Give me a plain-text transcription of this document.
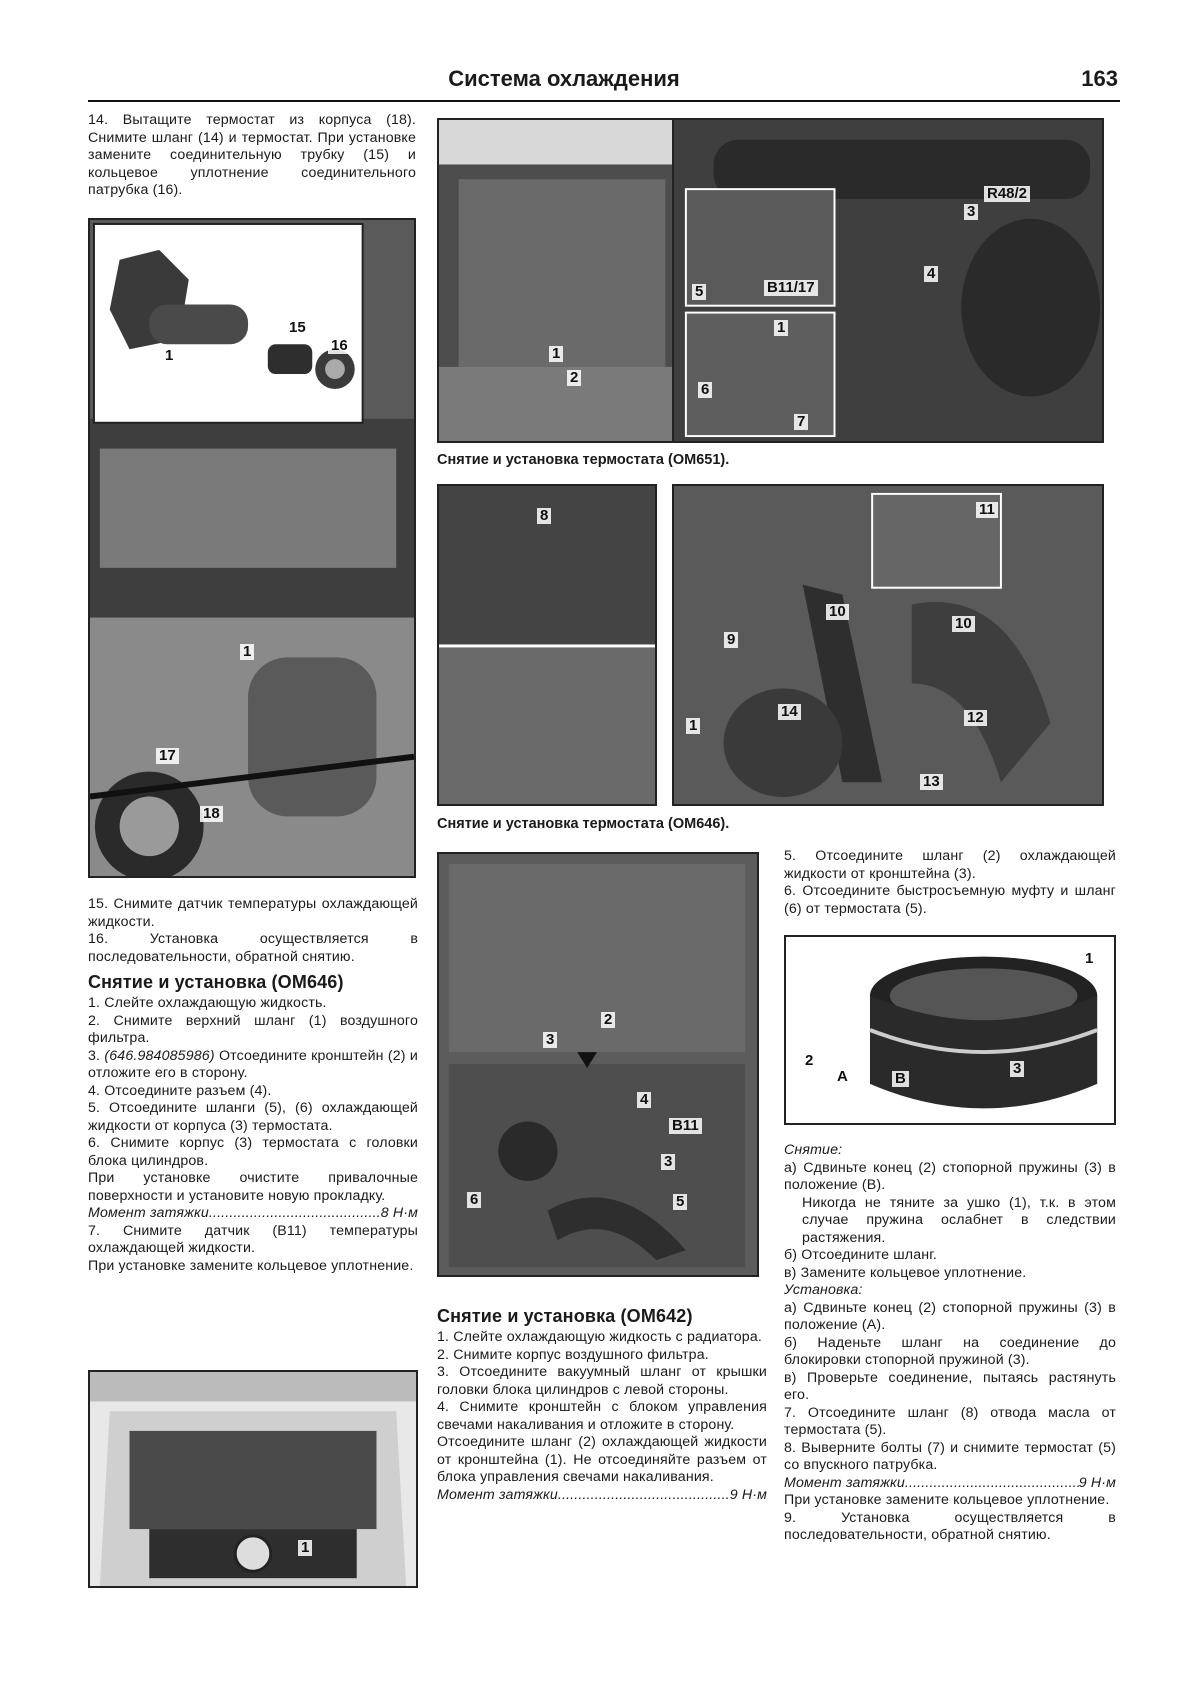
Система охлаждения	163

14. Вытащите термостат из корпуса (18). Снимите шланг (14) и термостат. При установке замените соединительную трубку (15) и кольцевое уплотнение соединительного патрубка (16).

1
15
16
1
17
18

15. Снимите датчик температуры охлаждающей жидкости.

16. Установка осуществляется в последовательности, обратной снятию.

Снятие и установка (OM646)

1. Слейте охлаждающую жидкость.

2. Снимите верхний шланг (1) воздушного фильтра.

3. (646.984085986) Отсоедините кронштейн (2) и отложите его в сторону.

4. Отсоедините разъем (4).

5. Отсоедините шланги (5), (6) охлаждающей жидкости от корпуса (3) термостата.

6. Снимите корпус (3) термостата с головки блока цилиндров.

При установке очистите привалочные поверхности и установите новую прокладку.

Момент затяжки .....	8 Н·м

7. Снимите датчик (B11) температуры охлаждающей жидкости.

При установке замените кольцевое уплотнение.

1
1
2
3
R48/2
4
5	B11/17
1
6
7
Снятие и установка термостата (OM651).
8	11
10
10
9
1
14	12
13
Снятие и установка термостата (OM646).
2
3
4
B11
3
6	5
Снятие и установка (OM642)

1. Слейте охлаждающую жидкость с радиатора.

2. Снимите корпус воздушного фильтра.

3. Отсоедините вакуумный шланг от крышки головки блока цилиндров с левой стороны.

4. Снимите кронштейн с блоком управления свечами накаливания и отложите в сторону.

Отсоедините шланг (2) охлаждающей жидкости от кронштейна (1). Не отсоединяйте разъем от блока управления свечами накаливания.

Момент затяжки .....	9 Н·м

5. Отсоедините шланг (2) охлаждающей жидкости от кронштейна (3).

6. Отсоедините быстросъемную муфту и шланг (6) от термостата (5).

1
2
A	B
3

Снятие:

а) Сдвиньте конец (2) стопорной пружины (3) в положение (B).

Никогда не тяните за ушко (1), т.к. в этом случае пружина ослабнет в следствии растяжения.

б) Отсоедините шланг.

в) Замените кольцевое уплотнение.

Установка:

а) Сдвиньте конец (2) стопорной пружины (3) в положение (A).

б) Наденьте шланг на соединение до блокировки стопорной пружиной (3).

в) Проверьте соединение, пытаясь растянуть его.

7. Отсоедините шланг (8) отвода масла от термостата (5).

8. Выверните болты (7) и снимите термостат (5) со впускного патрубка.

Момент затяжки .....	9 Н·м

При установке замените кольцевое уплотнение.

9. Установка осуществляется в последовательности, обратной снятию.
